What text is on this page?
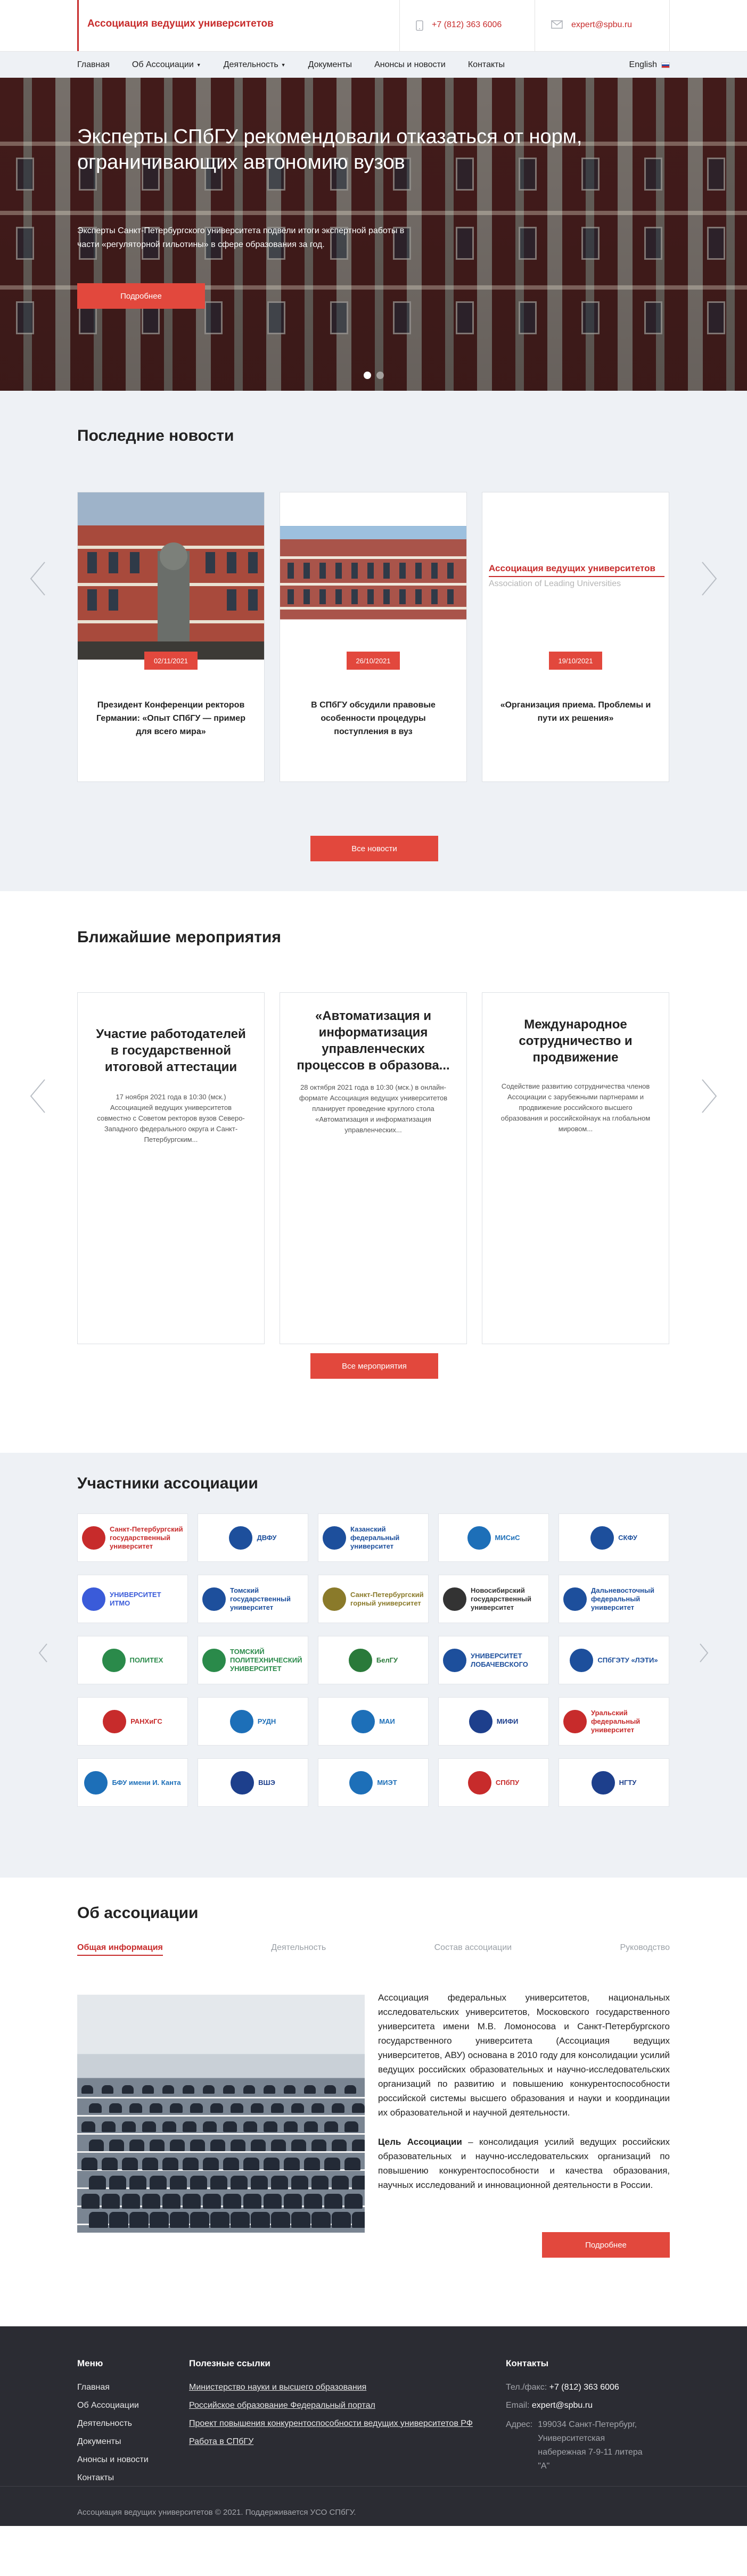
Ассоциация ведущих университетов	+7 (812) 363 6006	expert@spbu.ru
Главная	Об Ассоциации ▼	Деятельность ▼	Документы	Анонсы и новости	Контакты	English
Эксперты СПбГУ рекомендовали отказаться от норм, ограничивающих автономию вузов

Эксперты Санкт-Петербургского университета подвели итоги экспертной работы в части «регуляторной гильотины» в сфере образования за год.

Подробнее
Последние новости
02/11/2021
Президент Конференции ректоров Германии: «Опыт СПбГУ — пример для всего мира»
26/10/2021
В СПбГУ обсудили правовые особенности процедуры поступления в вуз
Ассоциация ведущих университетов
Association of Leading Universities
19/10/2021
«Организация приема. Проблемы и пути их решения»
Все новости
Ближайшие мероприятия
Участие работодателей в государственной итоговой аттестации
17 ноября 2021 года в 10:30 (мск.) Ассоциацией ведущих университетов совместно с Советом ректоров вузов Северо-Западного федерального округа и Санкт-Петербургским...
«Автоматизация и информатизация управленческих процессов в образова...
28 октября 2021 года в 10:30 (мск.) в онлайн-формате Ассоциация ведущих университетов планирует проведение круглого стола «Автоматизация и информатизация управленческих...
Международное сотрудничество и продвижение
Содействие развитию сотрудничества членов Ассоциации с зарубежными партнерами и продвижение российского высшего образования и российскойнаук на глобальном мировом...
Все мероприятия
Участники ассоциации
Санкт-Петербургский государственный университет
ДВФУ
Казанский федеральный университет
МИСиС	СКФУ
УНИВЕРСИТЕТ ИТМО
Томский государственный университет
Санкт-Петербургский горный университет
Новосибирский государственный университет
Дальневосточный федеральный университет
ПОЛИТЕХ
ТОМСКИЙ ПОЛИТЕХНИЧЕСКИЙ УНИВЕРСИТЕТ
БелГУ
УНИВЕРСИТЕТ ЛОБАЧЕВСКОГО
СПбГЭТУ «ЛЭТИ»
РАНХиГС	РУДН	МАИ	МИФИ
Уральский федеральный университет
БФУ имени И. Канта	ВШЭ	МИЭТ	СПбПУ	НГТУ
Об ассоциации
Общая информация	Деятельность	Состав ассоциации	Руководство

Ассоциация федеральных университетов, национальных исследовательских университетов, Московского государственного университета имени М.В. Ломоносова и Санкт-Петербургского государственного университета (Ассоциация ведущих университетов, АВУ) основана в 2010 году для консолидации усилий ведущих российских образовательных и научно-исследовательских организаций по развитию и повышению конкурентоспособности российской системы высшего образования и науки и координации их образовательной и научной деятельности.

Цель Ассоциации – консолидация усилий ведущих российских образовательных и научно-исследовательских организаций по повышению конкурентоспособности и качества образования, научных исследований и инновационной деятельности в России.

Подробнее
Меню
Главная
Об Ассоциации
Деятельность
Документы
Анонсы и новости
Контакты
Полезные ссылки
Министерство науки и высшего образования
Российское образование Федеральный портал
Проект повышения конкурентоспособности ведущих университетов РФ
Работа в СПбГУ
Контакты
Тел./факс: +7 (812) 363 6006
Email: expert@spbu.ru
Адрес: 199034 Санкт-Петербург, Университетская набережная 7-9-11 литера "А"
Ассоциация ведущих университетов © 2021. Поддерживается УСО СПбГУ.
